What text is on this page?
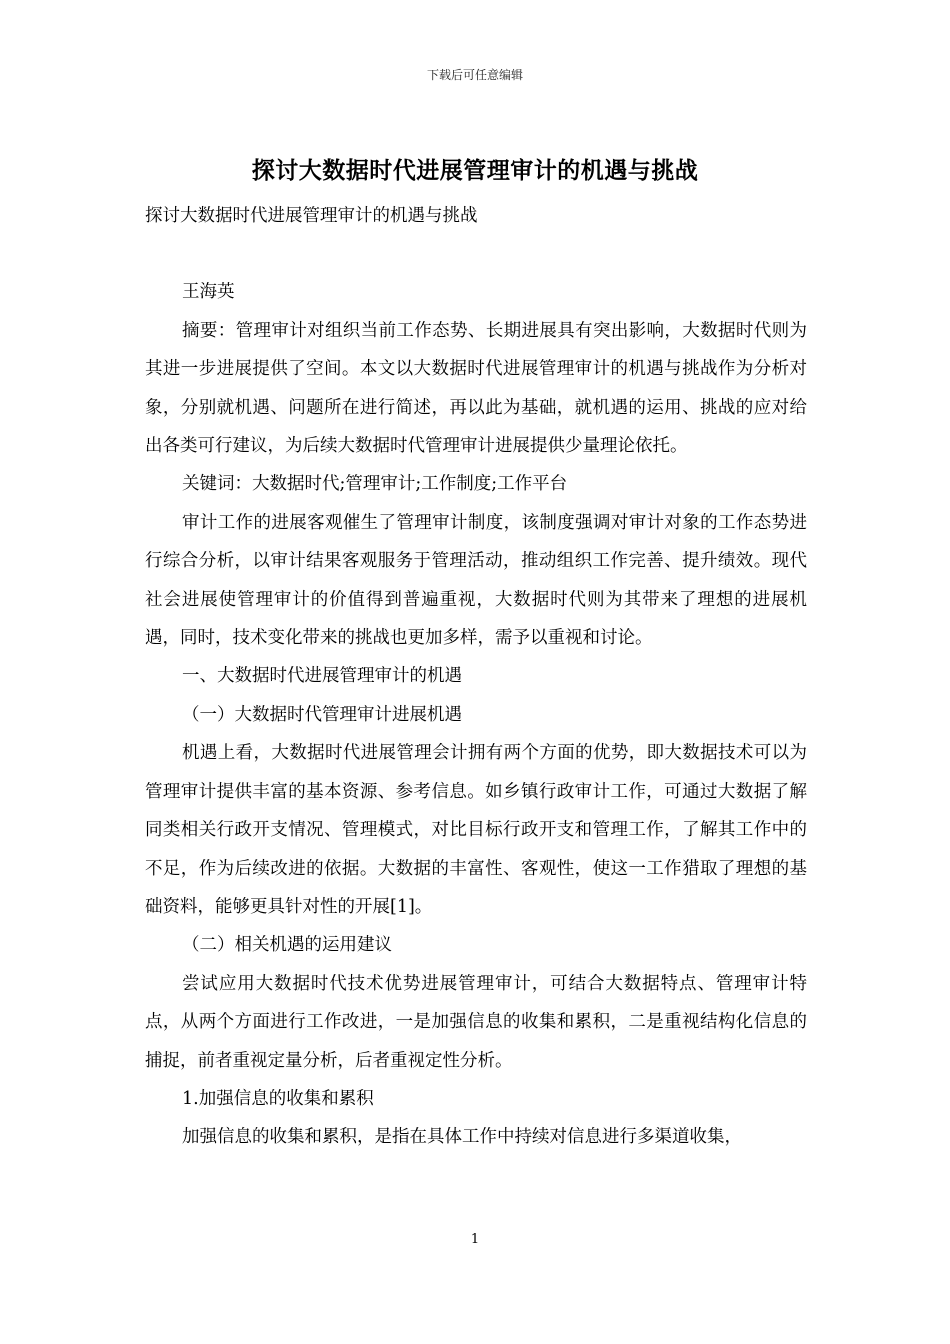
下载后可任意编辑
探讨大数据时代进展管理审计的机遇与挑战

探讨大数据时代进展管理审计的机遇与挑战

王海英

摘要：管理审计对组织当前工作态势、长期进展具有突出影响，大数据时代则为其进一步进展提供了空间。本文以大数据时代进展管理审计的机遇与挑战作为分析对象，分别就机遇、问题所在进行简述，再以此为基础，就机遇的运用、挑战的应对给出各类可行建议，为后续大数据时代管理审计进展提供少量理论依托。

关键词：大数据时代;管理审计;工作制度;工作平台

审计工作的进展客观催生了管理审计制度，该制度强调对审计对象的工作态势进行综合分析，以审计结果客观服务于管理活动，推动组织工作完善、提升绩效。现代社会进展使管理审计的价值得到普遍重视，大数据时代则为其带来了理想的进展机遇，同时，技术变化带来的挑战也更加多样，需予以重视和讨论。

一、大数据时代进展管理审计的机遇

（一）大数据时代管理审计进展机遇

机遇上看，大数据时代进展管理会计拥有两个方面的优势，即大数据技术可以为管理审计提供丰富的基本资源、参考信息。如乡镇行政审计工作，可通过大数据了解同类相关行政开支情况、管理模式，对比目标行政开支和管理工作，了解其工作中的不足，作为后续改进的依据。大数据的丰富性、客观性，使这一工作猎取了理想的基础资料，能够更具针对性的开展[1]。

（二）相关机遇的运用建议

尝试应用大数据时代技术优势进展管理审计，可结合大数据特点、管理审计特点，从两个方面进行工作改进，一是加强信息的收集和累积，二是重视结构化信息的捕捉，前者重视定量分析，后者重视定性分析。

1.加强信息的收集和累积

加强信息的收集和累积，是指在具体工作中持续对信息进行多渠道收集，

1
